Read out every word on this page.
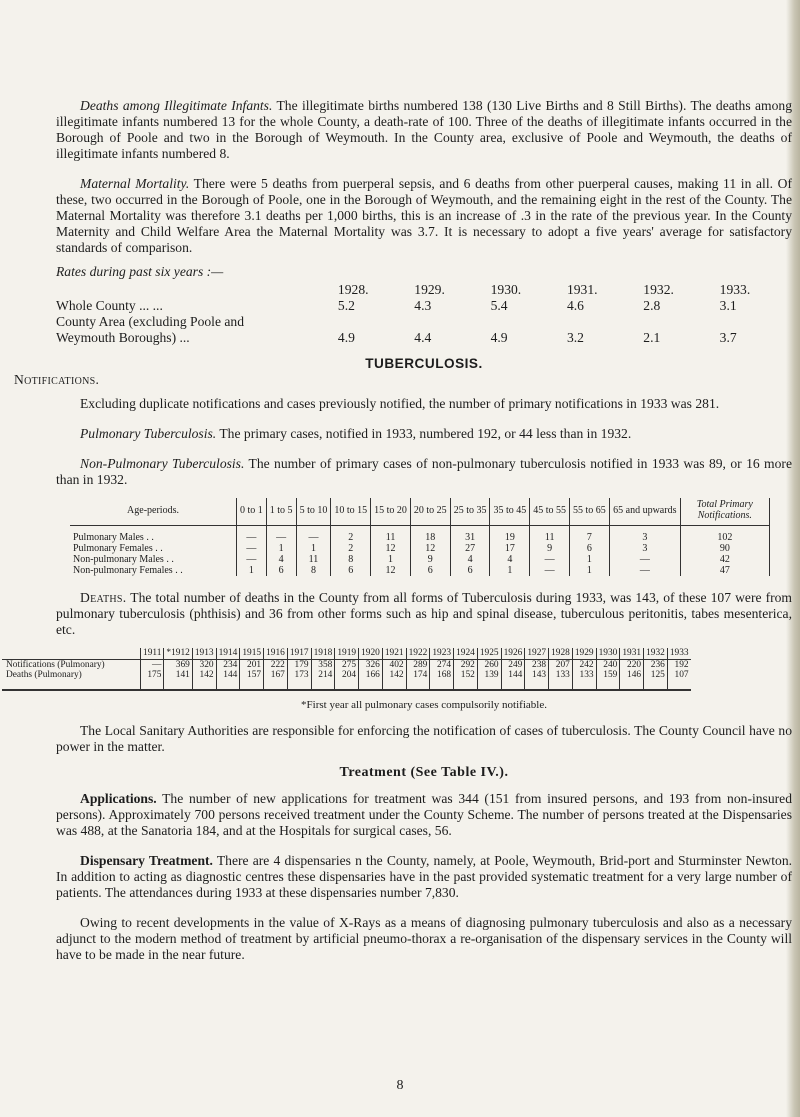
Deaths among Illegitimate Infants. The illegitimate births numbered 138 (130 Live Births and 8 Still Births). The deaths among illegitimate infants numbered 13 for the whole County, a death-rate of 100. Three of the deaths of illegitimate infants occurred in the Borough of Poole and two in the Borough of Weymouth. In the County area, exclusive of Poole and Weymouth, the deaths of illegitimate infants numbered 8.

Maternal Mortality. There were 5 deaths from puerperal sepsis, and 6 deaths from other puerperal causes, making 11 in all. Of these, two occurred in the Borough of Poole, one in the Borough of Weymouth, and the remaining eight in the rest of the County. The Maternal Mortality was therefore 3.1 deaths per 1,000 births, this is an increase of .3 in the rate of the previous year. In the County Maternity and Child Welfare Area the Maternal Mortality was 3.7. It is necessary to adopt a five years' average for satisfactory standards of comparison.

Rates during past six years :—
	1928.	1929.	1930.	1931.	1932.	1933.
Whole County ... ...	5.2	4.3	5.4	4.6	2.8	3.1
County Area (excluding Poole and						
Weymouth Boroughs) ...	4.9	4.4	4.9	3.2	2.1	3.7
TUBERCULOSIS.
Notifications.

Excluding duplicate notifications and cases previously notified, the number of primary notifications in 1933 was 281.

Pulmonary Tuberculosis. The primary cases, notified in 1933, numbered 192, or 44 less than in 1932.

Non-Pulmonary Tuberculosis. The number of primary cases of non-pulmonary tuberculosis notified in 1933 was 89, or 16 more than in 1932.

Age-periods.	0 to 1	1 to 5	5 to 10	10 to 15	15 to 20	20 to 25	25 to 35	35 to 45	45 to 55	55 to 65	65 and upwards	Total Primary Notifications.
Pulmonary Males . .	—	—	—	2	11	18	31	19	11	7	3	102
Pulmonary Females . .	—	1	1	2	12	12	27	17	9	6	3	90
Non-pulmonary Males . .	—	4	11	8	1	9	4	4	—	1	—	42
Non-pulmonary Females . .	1	6	8	6	12	6	6	1	—	1	—	47

Deaths. The total number of deaths in the County from all forms of Tuberculosis during 1933, was 143, of these 107 were from pulmonary tuberculosis (phthisis) and 36 from other forms such as hip and spinal disease, tuberculous peritonitis, tabes mesenterica, etc.

	1911	*1912	1913	1914	1915	1916	1917	1918	1919	1920	1921	1922	1923	1924	1925	1926	1927	1928	1929	1930	1931	1932	1933
Notifications (Pulmonary)	—	369	320	234	201	222	179	358	275	326	402	289	274	292	260	249	238	207	242	240	220	236	192
Deaths (Pulmonary)	175	141	142	144	157	167	173	214	204	166	142	174	168	152	139	144	143	133	133	159	146	125	107
*First year all pulmonary cases compulsorily notifiable.

The Local Sanitary Authorities are responsible for enforcing the notification of cases of tuberculosis. The County Council have no power in the matter.

Treatment (See Table IV.).

Applications. The number of new applications for treatment was 344 (151 from insured persons, and 193 from non-insured persons). Approximately 700 persons received treatment under the County Scheme. The number of persons treated at the Dispensaries was 488, at the Sanatoria 184, and at the Hospitals for surgical cases, 56.

Dispensary Treatment. There are 4 dispensaries n the County, namely, at Poole, Weymouth, Brid-port and Sturminster Newton. In addition to acting as diagnostic centres these dispensaries have in the past provided systematic treatment for a very large number of patients. The attendances during 1933 at these dispensaries number 7,830.

Owing to recent developments in the value of X-Rays as a means of diagnosing pulmonary tuberculosis and also as a necessary adjunct to the modern method of treatment by artificial pneumo-thorax a re-organisation of the dispensary services in the County will have to be made in the near future.

8
